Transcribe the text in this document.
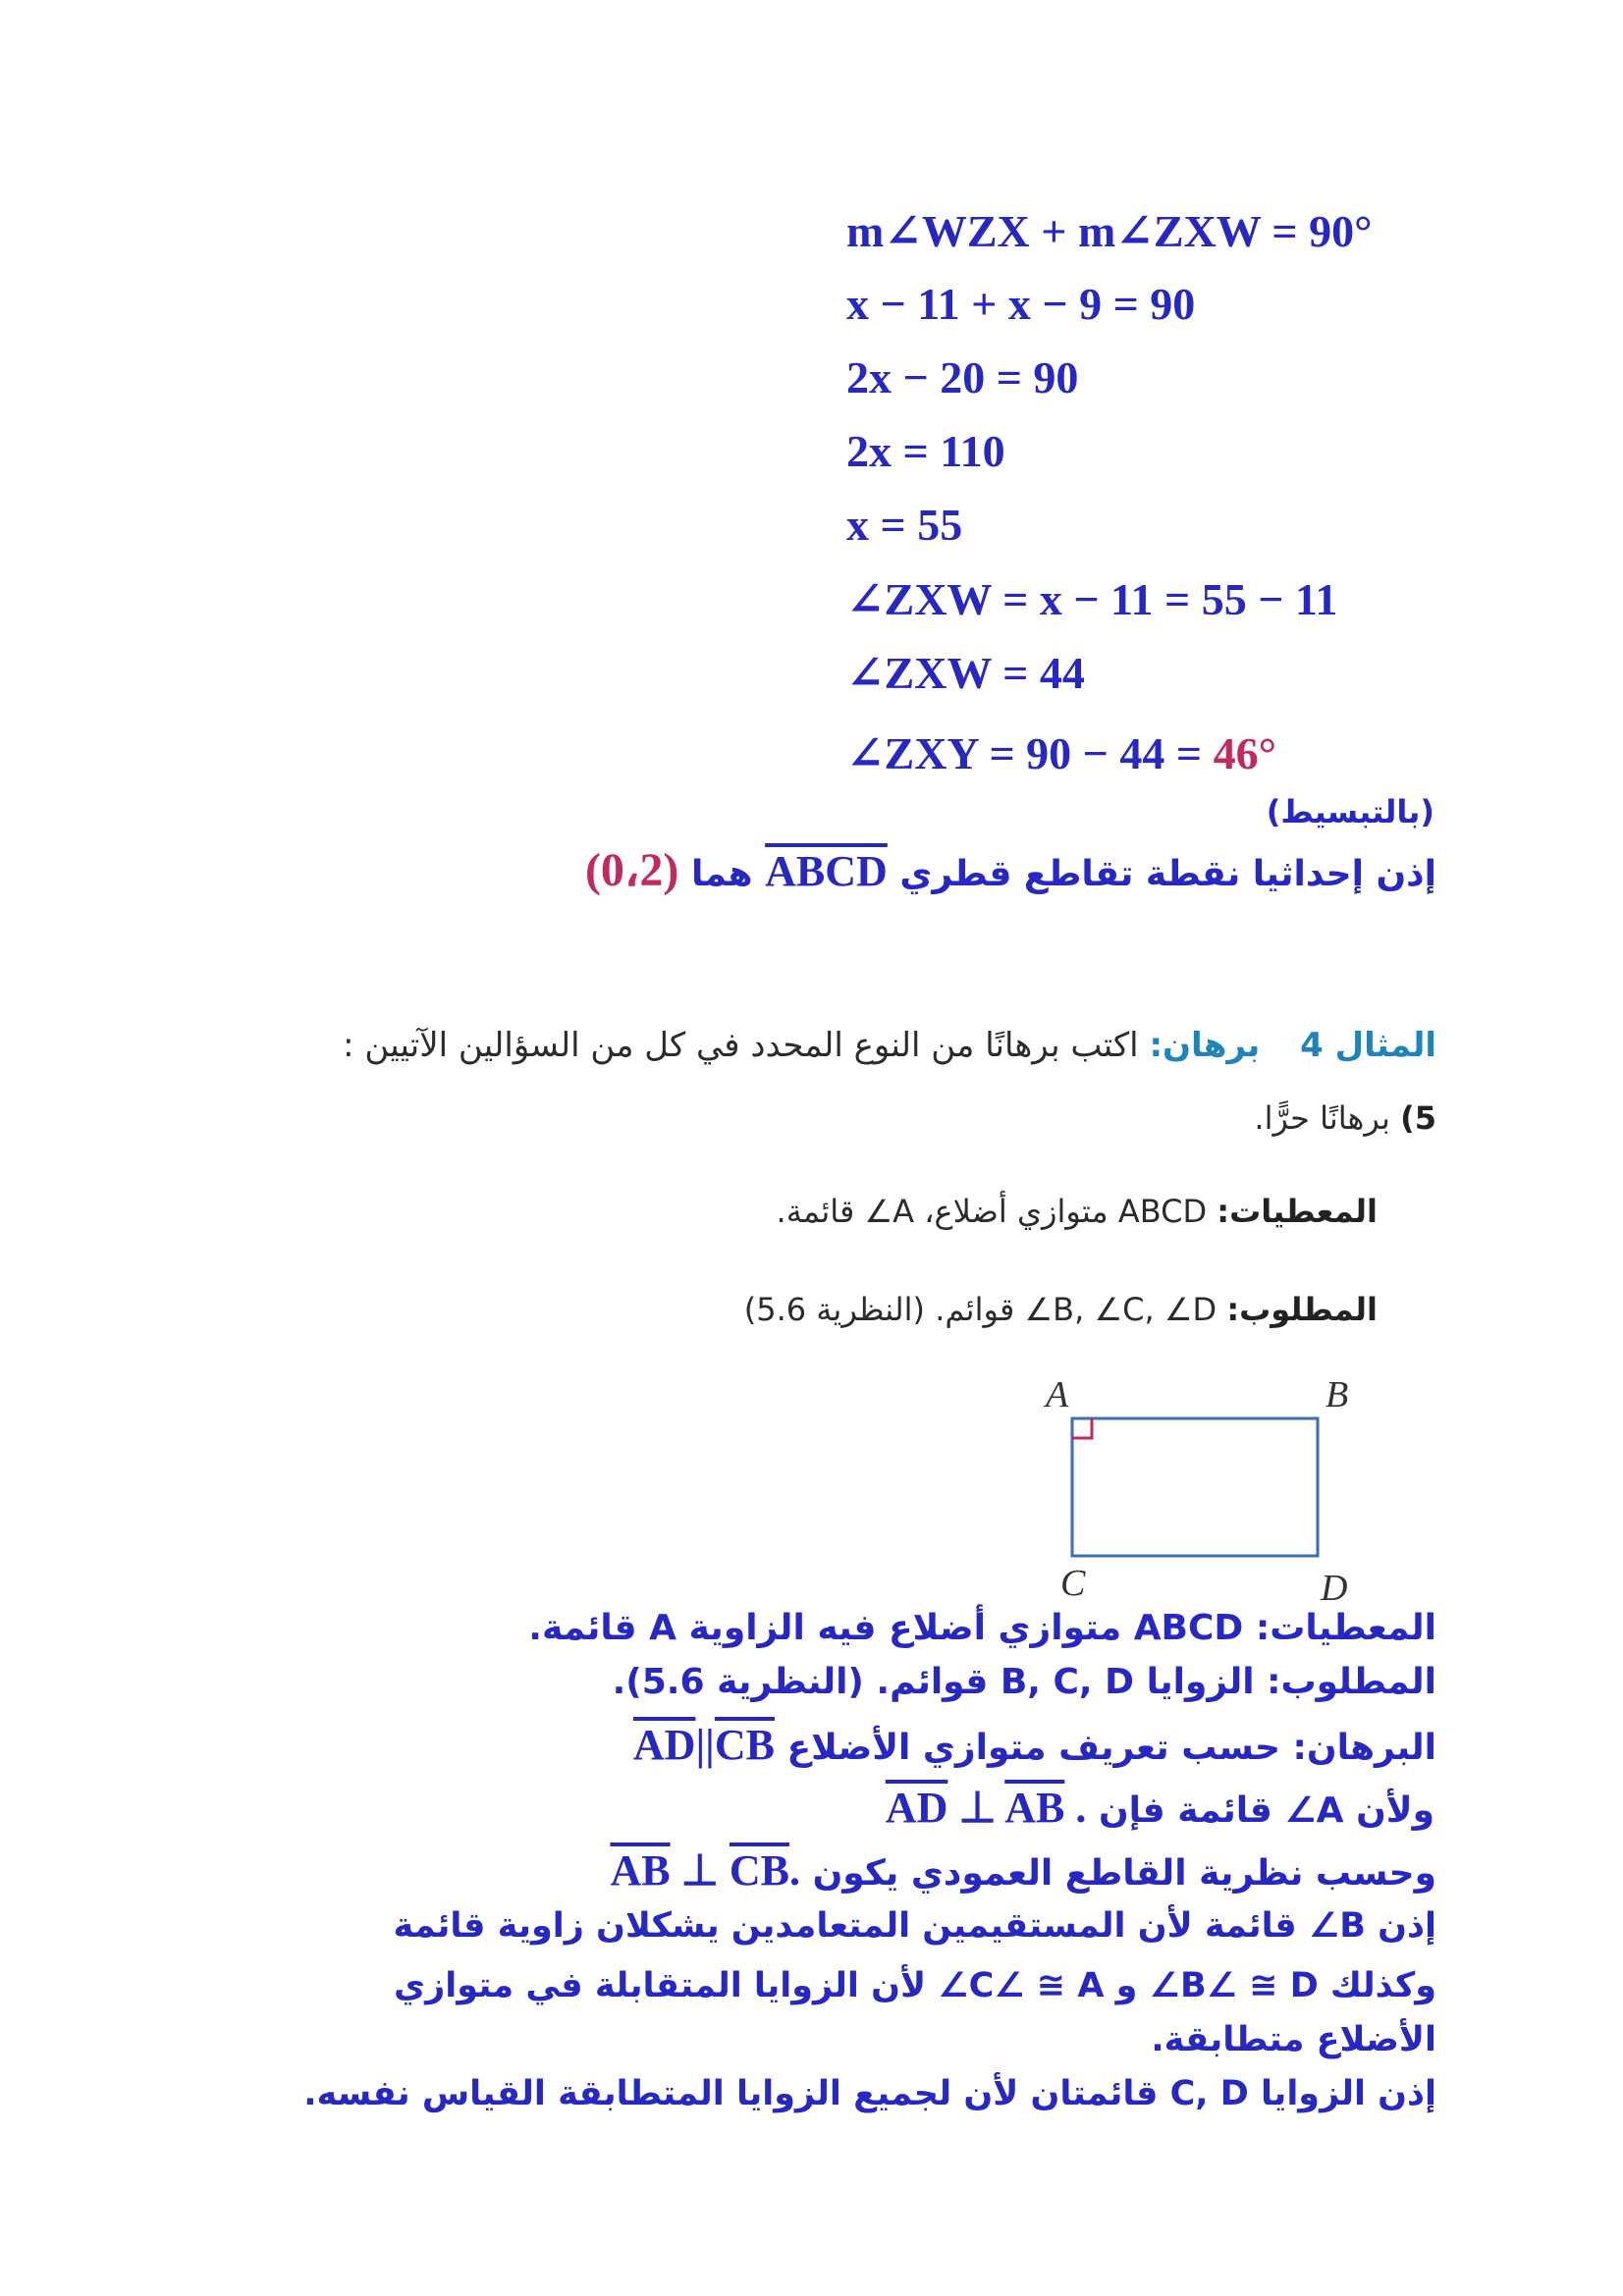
m∠WZX + m∠ZXW = 90°
x − 11 + x − 9 = 90
2x − 20 = 90
2x = 110
x = 55
∠ZXW = x − 11 = 55 − 11
∠ZXW = 44
∠ZXY = 90 − 44 = 46°
(بالتبسيط)
إذن إحداثيا نقطة تقاطع قطري ABCD هما (0،2)
المثال 4 برهان: اكتب برهانًا من النوع المحدد في كل من السؤالين الآتيين :
5) برهانًا حرًّا.
المعطيات: ABCD متوازي أضلاع، A∠ قائمة.
المطلوب: B, ∠C, ∠D∠ قوائم. (النظرية 5.6)
A	B
C	D
المعطيات: ABCD متوازي أضلاع فيه الزاوية A قائمة.
المطلوب: الزوايا B, C, D قوائم. (النظرية 5.6).
البرهان: حسب تعريف متوازي الأضلاع $\overline{AD}||\overline{CB}$
ولأن A∠ قائمة فإن $\overline{AD}$ ⊥ $\overline{AB}$ .
وحسب نظرية القاطع العمودي يكون $\overline{AB}$ ⊥ $\overline{CB}$.
إذن B∠ قائمة لأن المستقيمين المتعامدين يشكلان زاوية قائمة
وكذلك B∠ ≅ D∠ و C∠ ≅ A∠ لأن الزوايا المتقابلة في متوازي
الأضلاع متطابقة.
إذن الزوايا C, D قائمتان لأن لجميع الزوايا المتطابقة القياس نفسه.
